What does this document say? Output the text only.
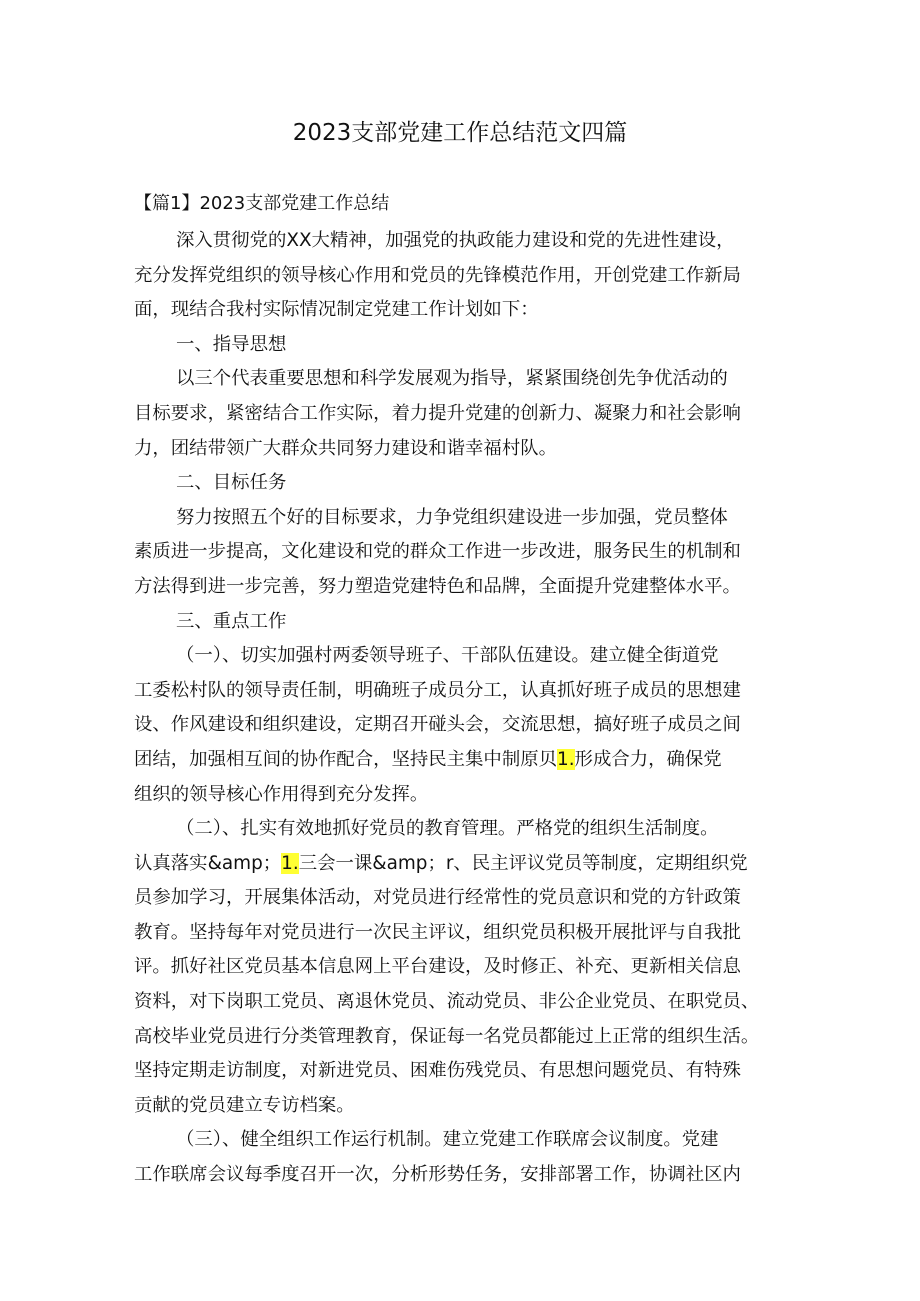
2023支部党建工作总结范文四篇
【篇1】2023支部党建工作总结
深入贯彻党的XX大精神，加强党的执政能力建设和党的先进性建设，
充分发挥党组织的领导核心作用和党员的先锋模范作用，开创党建工作新局
面，现结合我村实际情况制定党建工作计划如下：
一、指导思想
以三个代表重要思想和科学发展观为指导，紧紧围绕创先争优活动的
目标要求，紧密结合工作实际，着力提升党建的创新力、凝聚力和社会影响
力，团结带领广大群众共同努力建设和谐幸福村队。
二、目标任务
努力按照五个好的目标要求，力争党组织建设进一步加强，党员整体
素质进一步提高，文化建设和党的群众工作进一步改进，服务民生的机制和
方法得到进一步完善，努力塑造党建特色和品牌，全面提升党建整体水平。
三、重点工作
（一）、切实加强村两委领导班子、干部队伍建设。建立健全街道党
工委松村队的领导责任制，明确班子成员分工，认真抓好班子成员的思想建
设、作风建设和组织建设，定期召开碰头会，交流思想，搞好班子成员之间
团结，加强相互间的协作配合，坚持民主集中制原贝1.形成合力，确保党
组织的领导核心作用得到充分发挥。
（二）、扎实有效地抓好党员的教育管理。严格党的组织生活制度。
认真落实&amp；1.三会一课&amp；r、民主评议党员等制度，定期组织党
员参加学习，开展集体活动，对党员进行经常性的党员意识和党的方针政策
教育。坚持每年对党员进行一次民主评议，组织党员积极开展批评与自我批
评。抓好社区党员基本信息网上平台建设，及时修正、补充、更新相关信息
资料，对下岗职工党员、离退休党员、流动党员、非公企业党员、在职党员、
高校毕业党员进行分类管理教育，保证每一名党员都能过上正常的组织生活。
坚持定期走访制度，对新进党员、困难伤残党员、有思想问题党员、有特殊
贡献的党员建立专访档案。
（三）、健全组织工作运行机制。建立党建工作联席会议制度。党建
工作联席会议每季度召开一次，分析形势任务，安排部署工作，协调社区内
